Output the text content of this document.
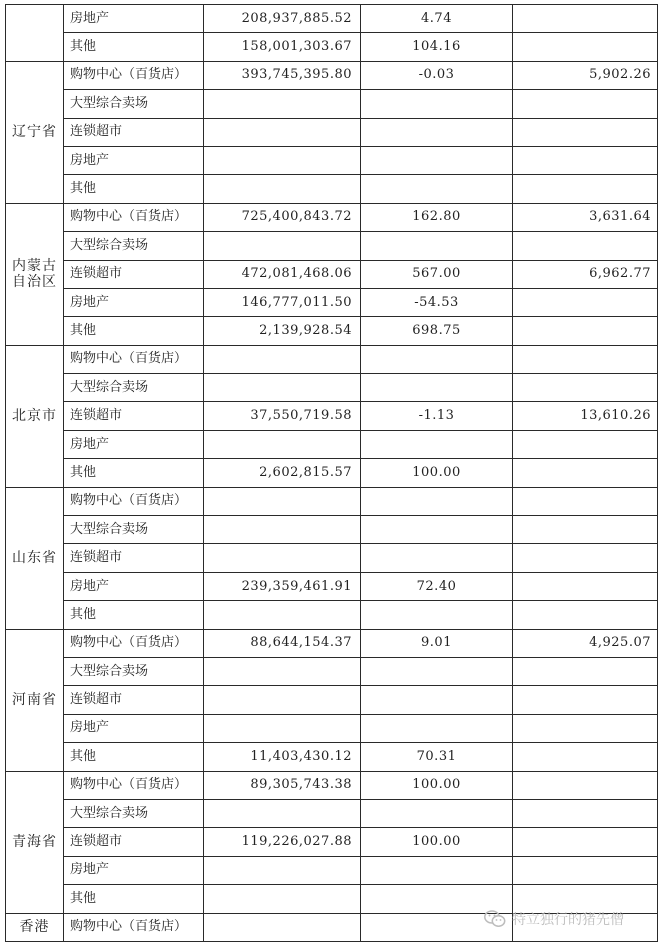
	房地产	208,937,885.52	4.74	
	其他	158,001,303.67	104.16	
辽宁省	购物中心（百货店）	393,745,395.80	-0.03	5,902.26
	大型综合卖场			
	连锁超市			
	房地产			
	其他			
内蒙古自治区	购物中心（百货店）	725,400,843.72	162.80	3,631.64
	大型综合卖场			
	连锁超市	472,081,468.06	567.00	6,962.77
	房地产	146,777,011.50	-54.53	
	其他	2,139,928.54	698.75	
北京市	购物中心（百货店）			
	大型综合卖场			
	连锁超市	37,550,719.58	-1.13	13,610.26
	房地产			
	其他	2,602,815.57	100.00	
山东省	购物中心（百货店）			
	大型综合卖场			
	连锁超市			
	房地产	239,359,461.91	72.40	
	其他			
河南省	购物中心（百货店）	88,644,154.37	9.01	4,925.07
	大型综合卖场			
	连锁超市			
	房地产			
	其他	11,403,430.12	70.31	
青海省	购物中心（百货店）	89,305,743.38	100.00	
	大型综合卖场			
	连锁超市	119,226,027.88	100.00	
	房地产			
	其他			
香港	购物中心（百货店）				特立独行的猪先僧
